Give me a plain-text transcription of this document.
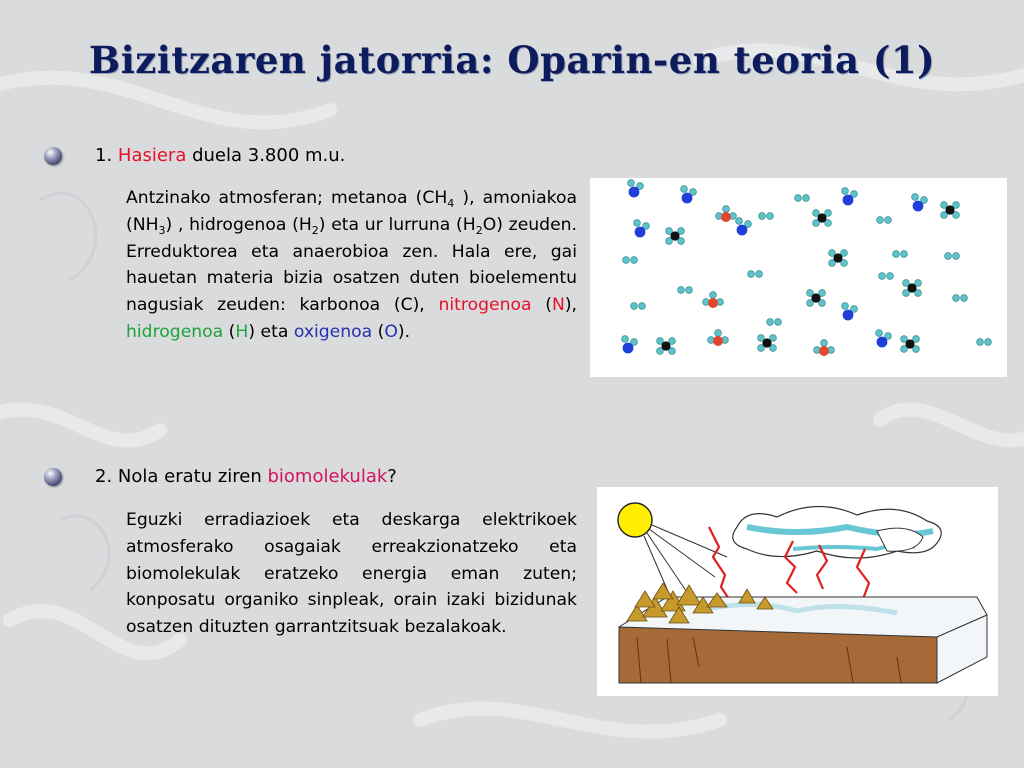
Bizitzaren jatorria: Oparin-en teoria (1)
1. Hasiera duela 3.800 m.u.
Antzinako atmosferan; metanoa ($CH_4$ ), amoniakoa $(NH_3)$ , hidrogenoa $(H_2)$ eta ur lurruna $(H_2O)$ zeuden. Erreduktorea eta anaerobioa zen. Hala ere, gai hauetan materia bizia osatzen duten bioelementu nagusiak zeuden: karbonoa (C), nitrogenoa (N), hidrogenoa (H) eta oxigenoa (O).
2. Nola eratu ziren biomolekulak?
Eguzki erradiazioek eta deskarga elektrikoek atmosferako osagaiak erreakzionatzeko eta biomolekulak eratzeko energia eman zuten; konposatu organiko sinpleak, orain izaki bizidunak osatzen dituzten garrantzitsuak bezalakoak.
